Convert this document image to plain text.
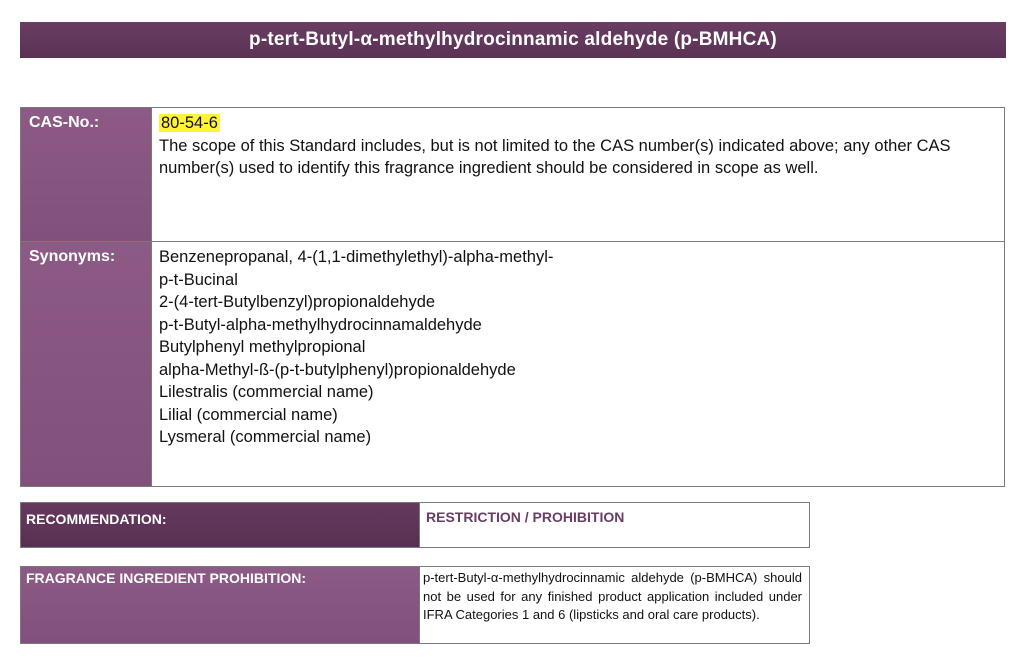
p-tert-Butyl-α-methylhydrocinnamic aldehyde (p-BMHCA)
CAS-No.:	80-54-6
The scope of this Standard includes, but is not limited to the CAS number(s) indicated above; any other CAS number(s) used to identify this fragrance ingredient should be considered in scope as well.
Synonyms:	Benzenepropanal, 4-(1,1-dimethylethyl)-alpha-methyl-
p-t-Bucinal
2-(4-tert-Butylbenzyl)propionaldehyde
p-t-Butyl-alpha-methylhydrocinnamaldehyde
Butylphenyl methylpropional
alpha-Methyl-ß-(p-t-butylphenyl)propionaldehyde
Lilestralis (commercial name)
Lilial (commercial name)
Lysmeral (commercial name)
RECOMMENDATION:	RESTRICTION / PROHIBITION
FRAGRANCE INGREDIENT PROHIBITION:	p-tert-Butyl-α-methylhydrocinnamic aldehyde (p-BMHCA) should not be used for any finished product application included under IFRA Categories 1 and 6 (lipsticks and oral care products).
